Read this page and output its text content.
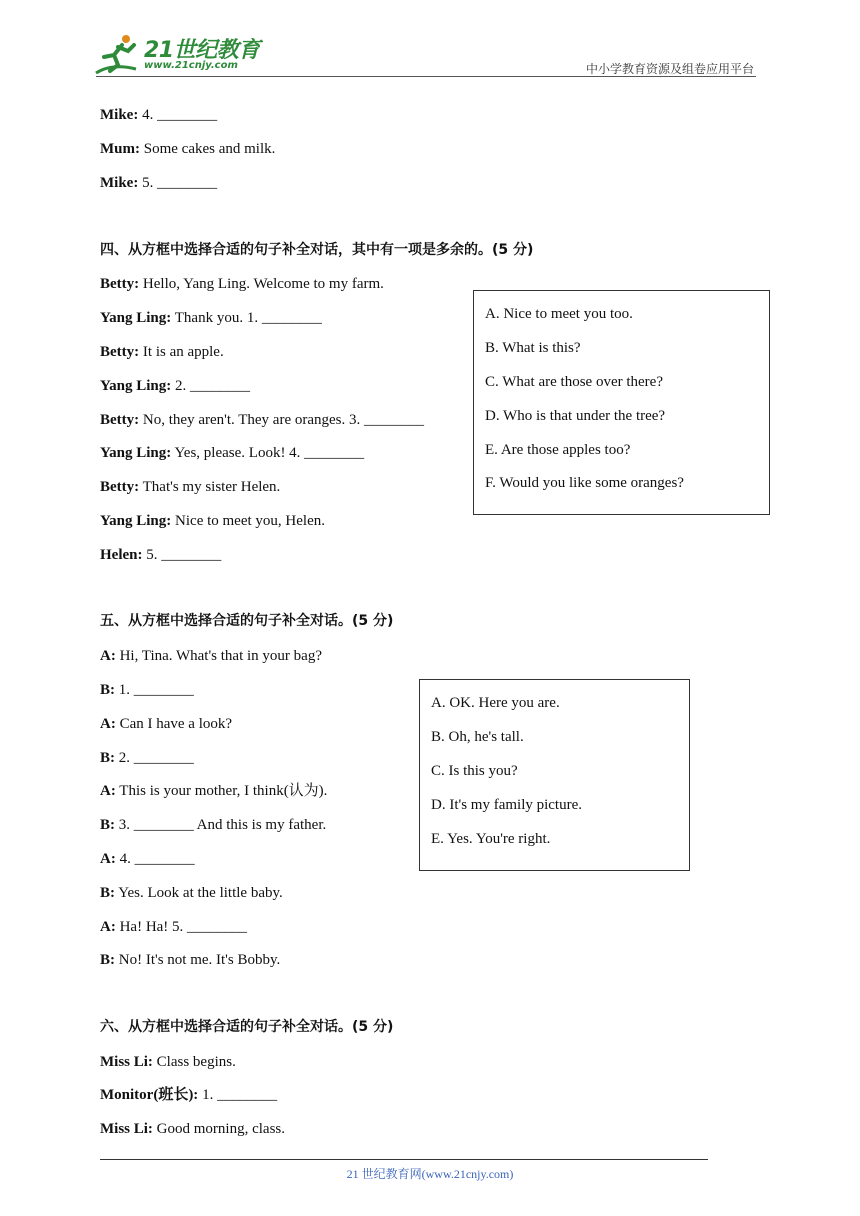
21世纪教育
www.21cnjy.com	中小学教育资源及组卷应用平台
Mike: 4. ________
Mum: Some cakes and milk.
Mike: 5. ________
四、从方框中选择合适的句子补全对话，其中有一项是多余的。(5 分)
Betty: Hello, Yang Ling. Welcome to my farm.
Yang Ling: Thank you. 1. ________
Betty: It is an apple.
Yang Ling: 2. ________
Betty: No, they aren't. They are oranges. 3. ________
Yang Ling: Yes, please. Look! 4. ________
Betty: That's my sister Helen.
Yang Ling: Nice to meet you, Helen.
Helen: 5. ________
A. Nice to meet you too.
B. What is this?
C. What are those over there?
D. Who is that under the tree?
E. Are those apples too?
F. Would you like some oranges?
五、从方框中选择合适的句子补全对话。(5 分)
A: Hi, Tina. What's that in your bag?
B: 1. ________
A: Can I have a look?
B: 2. ________
A: This is your mother, I think(认为).
B: 3. ________ And this is my father.
A: 4. ________
B: Yes. Look at the little baby.
A: Ha! Ha! 5. ________
B: No! It's not me. It's Bobby.
A. OK. Here you are.
B. Oh, he's tall.
C. Is this you?
D. It's my family picture.
E. Yes. You're right.
六、从方框中选择合适的句子补全对话。(5 分)
Miss Li: Class begins.
Monitor(班长): 1. ________
Miss Li: Good morning, class.
21 世纪教育网(www.21cnjy.com)
